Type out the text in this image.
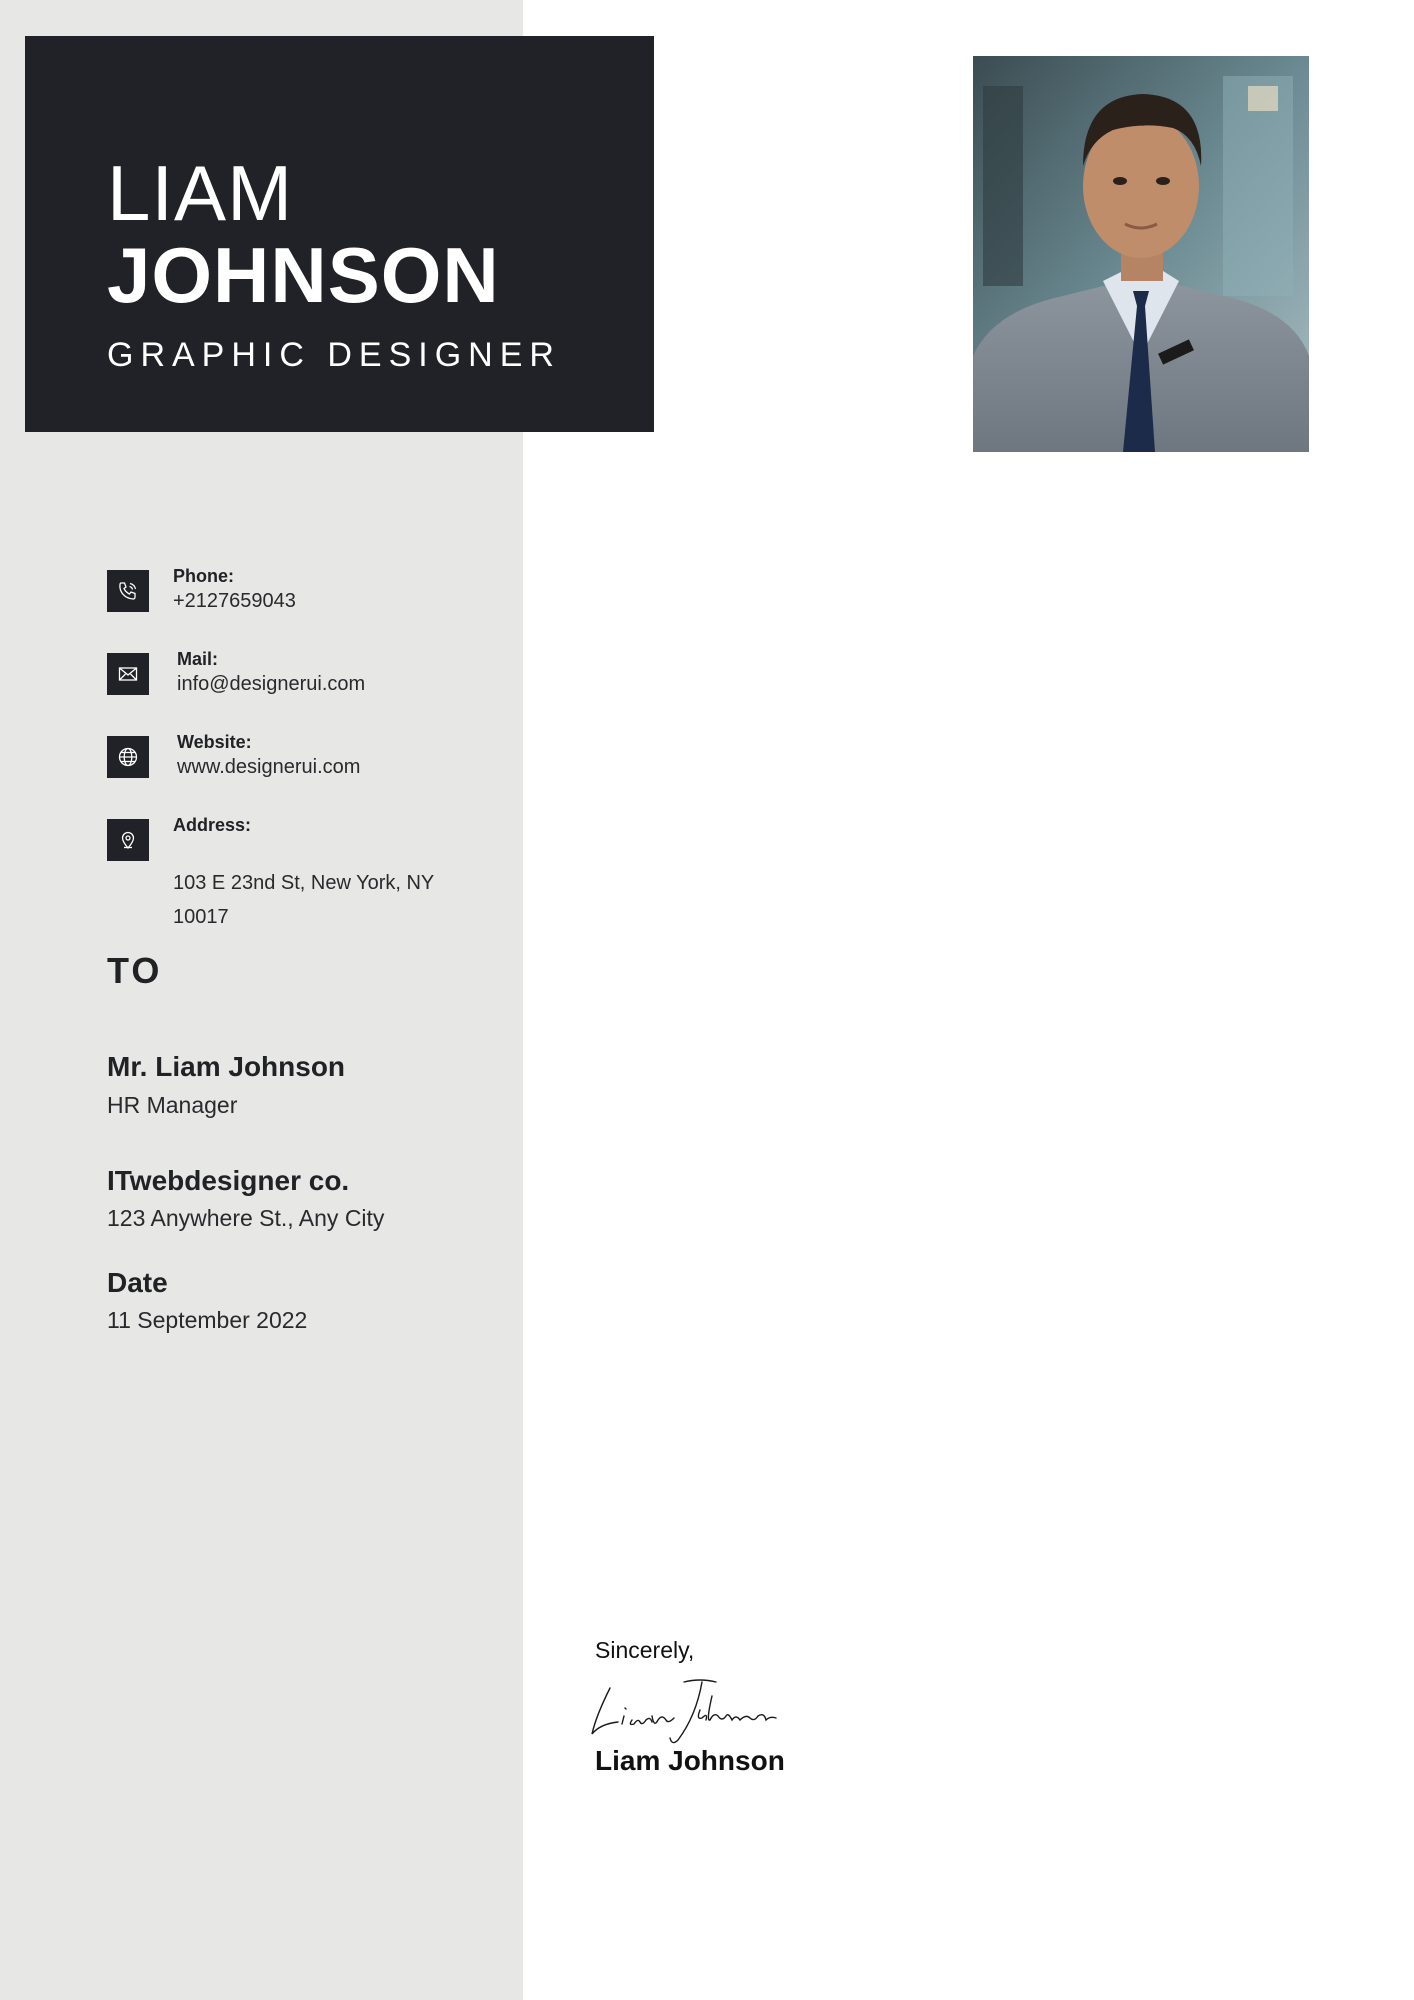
LIAM
JOHNSON
GRAPHIC DESIGNER
Phone:
+2127659043
Mail:
info@designerui.com
Website:
www.designerui.com
Address:
103 E 23nd St, New York, NY
10017
TO
Mr. Liam Johnson
HR Manager
ITwebdesigner co.
123 Anywhere St., Any City
Date
11 September 2022
Sincerely,
Liam Johnson
